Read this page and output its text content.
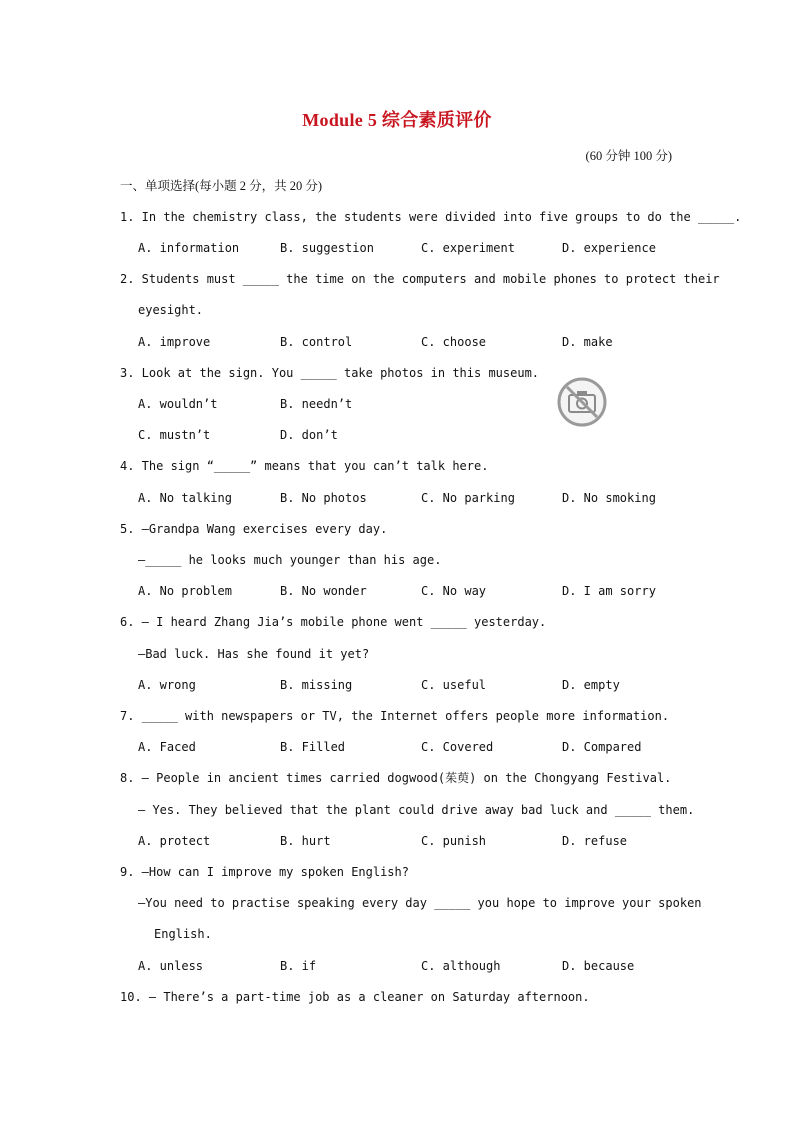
Module 5 综合素质评价
(60 分钟 100 分)
一、单项选择(每小题 2 分，共 20 分)
1. In the chemistry class, the students were divided into five groups to do the _____.
A. information	B. suggestion	C. experiment	D. experience
2. Students must _____ the time on the computers and mobile phones to protect their
eyesight.
A. improve	B. control	C. choose	D. make
3. Look at the sign. You _____ take photos in this museum.
A. wouldn’t	B. needn’t
C. mustn’t	D. don’t
4. The sign “_____” means that you can’t talk here.
A. No talking	B. No photos	C. No parking	D. No smoking
5. —Grandpa Wang exercises every day.
—_____ he looks much younger than his age.
A. No problem	B. No wonder	C. No way	D. I am sorry
6. — I heard Zhang Jia’s mobile phone went _____ yesterday.
—Bad luck. Has she found it yet?
A. wrong	B. missing	C. useful	D. empty
7. _____ with newspapers or TV, the Internet offers people more information.
A. Faced	B. Filled	C. Covered	D. Compared
8. — People in ancient times carried dogwood(茱萸) on the Chongyang Festival.
— Yes. They believed that the plant could drive away bad luck and _____ them.
A. protect	B. hurt	C. punish	D. refuse
9. —How can I improve my spoken English?
—You need to practise speaking every day _____ you hope to improve your spoken
English.
A. unless	B. if	C. although	D. because
10. — There’s a part-time job as a cleaner on Saturday afternoon.
